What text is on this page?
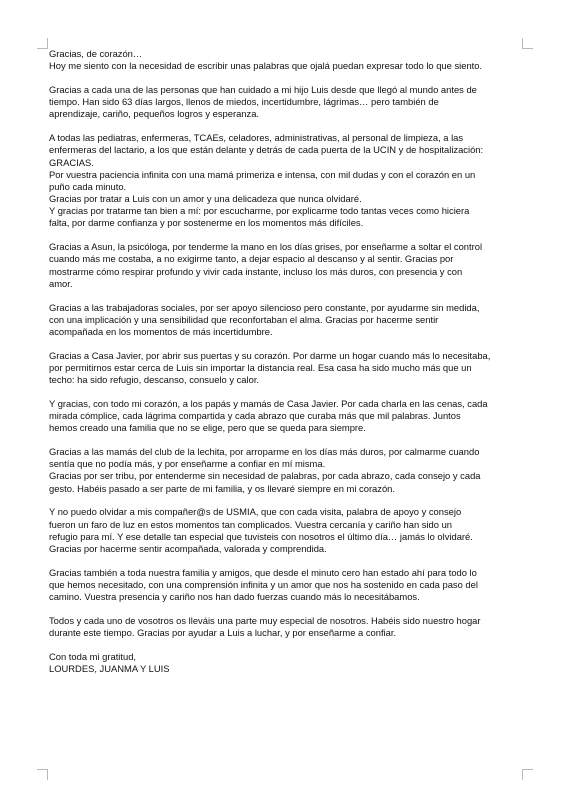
Gracias, de corazón…
Hoy me siento con la necesidad de escribir unas palabras que ojalá puedan expresar todo lo que siento.
Gracias a cada una de las personas que han cuidado a mi hijo Luis desde que llegó al mundo antes de
tiempo. Han sido 63 días largos, llenos de miedos, incertidumbre, lágrimas… pero también de
aprendizaje, cariño, pequeños logros y esperanza.
A todas las pediatras, enfermeras, TCAEs, celadores, administrativas, al personal de limpieza, a las
enfermeras del lactario, a los que están delante y detrás de cada puerta de la UCIN y de hospitalización:
GRACIAS.
Por vuestra paciencia infinita con una mamá primeriza e intensa, con mil dudas y con el corazón en un
puño cada minuto.
Gracias por tratar a Luis con un amor y una delicadeza que nunca olvidaré.
Y gracias por tratarme tan bien a mí: por escucharme, por explicarme todo tantas veces como hiciera
falta, por darme confianza y por sostenerme en los momentos más difíciles.
Gracias a Asun, la psicóloga, por tenderme la mano en los días grises, por enseñarme a soltar el control
cuando más me costaba, a no exigirme tanto, a dejar espacio al descanso y al sentir. Gracias por
mostrarme cómo respirar profundo y vivir cada instante, incluso los más duros, con presencia y con
amor.
Gracias a las trabajadoras sociales, por ser apoyo silencioso pero constante, por ayudarme sin medida,
con una implicación y una sensibilidad que reconfortaban el alma. Gracias por hacerme sentir
acompañada en los momentos de más incertidumbre.
Gracias a Casa Javier, por abrir sus puertas y su corazón. Por darme un hogar cuando más lo necesitaba,
por permitirnos estar cerca de Luis sin importar la distancia real. Esa casa ha sido mucho más que un
techo: ha sido refugio, descanso, consuelo y calor.
Y gracias, con todo mi corazón, a los papás y mamás de Casa Javier. Por cada charla en las cenas, cada
mirada cómplice, cada lágrima compartida y cada abrazo que curaba más que mil palabras. Juntos
hemos creado una familia que no se elige, pero que se queda para siempre.
Gracias a las mamás del club de la lechita, por arroparme en los días más duros, por calmarme cuando
sentía que no podía más, y por enseñarme a confiar en mí misma.
Gracias por ser tribu, por entenderme sin necesidad de palabras, por cada abrazo, cada consejo y cada
gesto. Habéis pasado a ser parte de mi familia, y os llevaré siempre en mi corazón.
Y no puedo olvidar a mis compañer@s de USMIA, que con cada visita, palabra de apoyo y consejo
fueron un faro de luz en estos momentos tan complicados. Vuestra cercanía y cariño han sido un
refugio para mí. Y ese detalle tan especial que tuvisteis con nosotros el último día… jamás lo olvidaré.
Gracias por hacerme sentir acompañada, valorada y comprendida.
Gracias también a toda nuestra familia y amigos, que desde el minuto cero han estado ahí para todo lo
que hemos necesitado, con una comprensión infinita y un amor que nos ha sostenido en cada paso del
camino. Vuestra presencia y cariño nos han dado fuerzas cuando más lo necesitábamos.
Todos y cada uno de vosotros os lleváis una parte muy especial de nosotros. Habéis sido nuestro hogar
durante este tiempo. Gracias por ayudar a Luis a luchar, y por enseñarme a confiar.
Con toda mi gratitud,
LOURDES, JUANMA Y LUIS
